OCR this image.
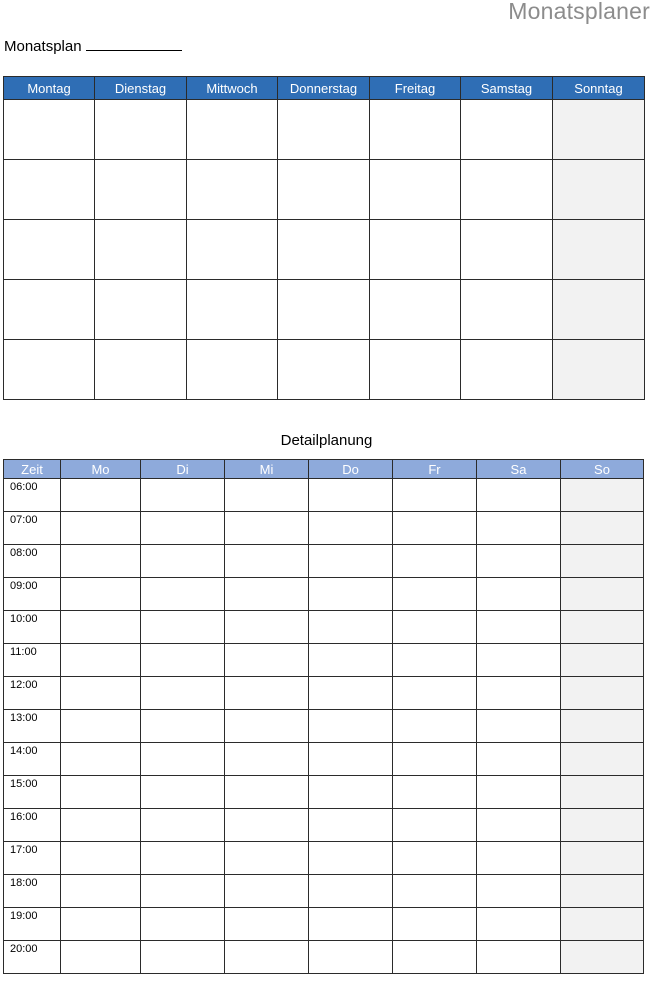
Monatsplaner
Monatsplan
Montag	Dienstag	Mittwoch	Donnerstag	Freitag	Samstag	Sonntag

Detailplanung
Zeit	Mo	Di	Mi	Do	Fr	Sa	So
06:00							
07:00							
08:00							
09:00							
10:00							
11:00							
12:00							
13:00							
14:00							
15:00							
16:00							
17:00							
18:00							
19:00							
20:00							
